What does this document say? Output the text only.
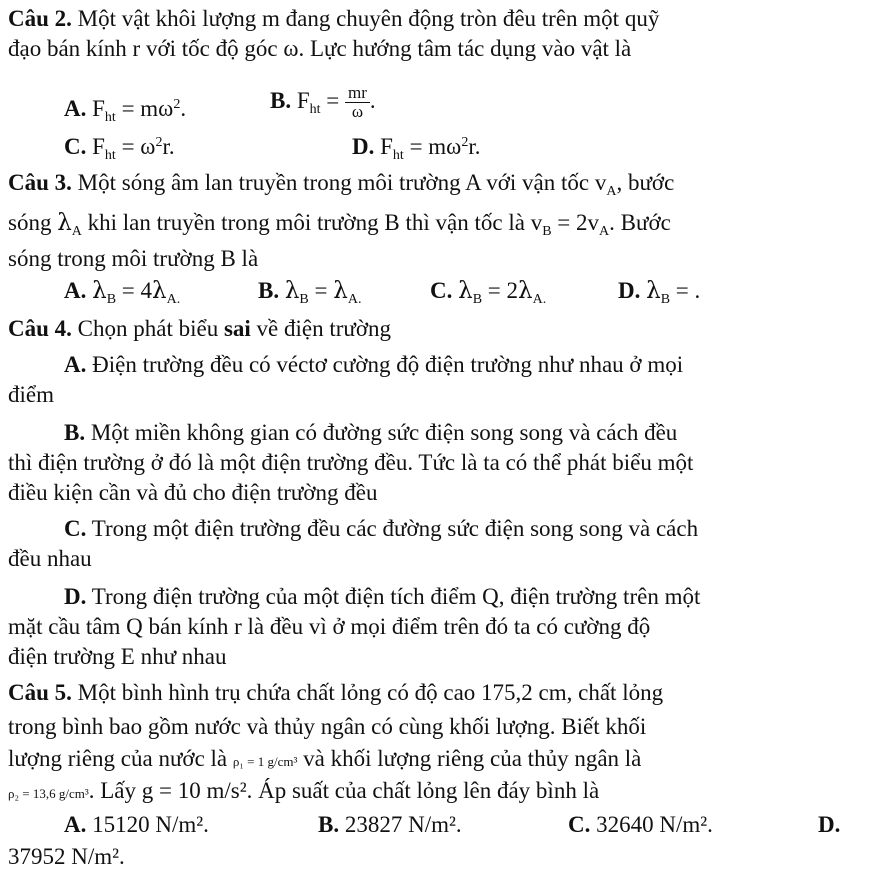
Câu 2. Một vật khôi lượng m đang chuyên động tròn đêu trên một quỹ
đạo bán kính r với tốc độ góc ω. Lực hướng tâm tác dụng vào vật là
A. $F_{ht} = m\omega^2$.	B. $F_{ht} = \frac{mr}{\omega}$ .
C. $F_{ht} = \omega^2r$.	D. $F_{ht} = m\omega^2r$.
Câu 3. Một sóng âm lan truyền trong môi trường A với vận tốc $v_A$, bước
sóng $\lambda_A$ khi lan truyền trong môi trường B thì vận tốc là $v_B = 2v_A$. Bước
sóng trong môi trường B là
A. $\lambda_B = 4\lambda_{A.}$	B. $\lambda_B = \lambda_{A.}$	C. $\lambda_B = 2\lambda_{A.}$	D. $\lambda_B$ = .
Câu 4. Chọn phát biểu sai về điện trường
A. Điện trường đều có véctơ cường độ điện trường như nhau ở mọi
điểm
B. Một miền không gian có đường sức điện song song và cách đều
thì điện trường ở đó là một điện trường đều. Tức là ta có thể phát biểu một
điều kiện cần và đủ cho điện trường đều
C. Trong một điện trường đều các đường sức điện song song và cách
đều nhau
D. Trong điện trường của một điện tích điểm Q, điện trường trên một
mặt cầu tâm Q bán kính r là đều vì ở mọi điểm trên đó ta có cường độ
điện trường E như nhau
Câu 5. Một bình hình trụ chứa chất lỏng có độ cao 175,2 cm, chất lỏng
trong bình bao gồm nước và thủy ngân có cùng khối lượng. Biết khối
lượng riêng của nước là ρ₁ = 1 g/cm³ và khối lượng riêng của thủy ngân là
ρ₂ = 13,6 g/cm³. Lấy g = 10 m/s². Áp suất của chất lỏng lên đáy bình là
A. 15120 N/m².	B. 23827 N/m².	C. 32640 N/m².	D.
37952 N/m².
